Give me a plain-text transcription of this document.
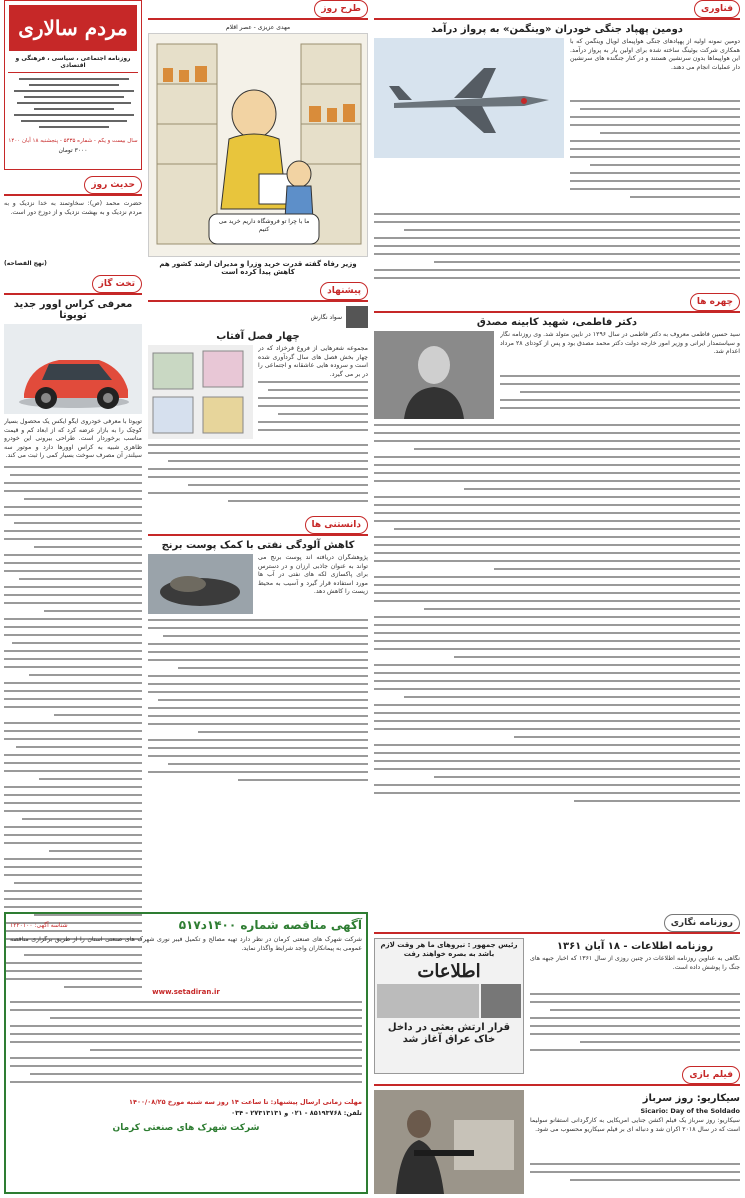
مردم سالاری
روزنامه اجتماعی ، سیاسی ، فرهنگی و اقتصادی
سال بیست و یکم - شماره ۵۴۳۵ - پنجشنبه ۱۸ آبان ۱۴۰۰
۳۰۰۰ تومان
حدیث روز
حضرت محمد (ص): سخاوتمند به خدا نزدیک و به مردم نزدیک و به بهشت نزدیک و از دوزخ دور است.
(نهج الفصاحه)
تخت گاز
معرفی کراس اوور جدید تویوتا
تویوتا با معرفی خودروی ایگو ایکس یک محصول بسیار کوچک را به بازار عرضه کرد که از ابعاد کم و قیمت مناسب برخوردار است. طراحی بیرونی این خودرو ظاهری شبیه به کراس اوورها دارد و موتور سه سیلندر آن مصرف سوخت بسیار کمی را ثبت می کند.
طرح روز
مهدی عزیزی - عصر اقلام
ما با چرا تو فروشگاه داریم خرید می کنیم
وزیر رفاه گفته قدرت خرید وزرا و مدیران ارشد کشور هم کاهش پیدا کرده است
پیشنهاد
سواد نگارش
چهار فصل آفتاب
مجموعه شعرهایی از فروغ فرخزاد که در چهار بخش فصل های سال گردآوری شده است و سروده هایی عاشقانه و اجتماعی را در بر می گیرد.
دانستنی ها
کاهش آلودگی نفتی با کمک پوست برنج
پژوهشگران دریافته اند پوست برنج می تواند به عنوان جاذبی ارزان و در دسترس برای پاکسازی لکه های نفتی در آب ها مورد استفاده قرار گیرد و آسیب به محیط زیست را کاهش دهد.
فناوری
دومین پهپاد جنگی خودران «وینگمن» به پرواز درآمد
دومین نمونه اولیه از پهپادهای جنگی هواپیمای لویال وینگمن که با همکاری شرکت بوئینگ ساخته شده برای اولین بار به پرواز درآمد. این هواپیماها بدون سرنشین هستند و در کنار جنگنده های سرنشین دار عملیات انجام می دهند.
چهره ها
دکتر فاطمی، شهید کابینه مصدق
سید حسین فاطمی معروف به دکتر فاطمی در سال ۱۲۹۶ در نایین متولد شد. وی روزنامه نگار و سیاستمدار ایرانی و وزیر امور خارجه دولت دکتر محمد مصدق بود و پس از کودتای ۲۸ مرداد اعدام شد.
آگهی مناقصه شماره ۱۴۰۰د۵۱۷
شناسه آگهی: ۱۲۲۰۱۰۰
شرکت شهرک های صنعتی کرمان در نظر دارد تهیه مصالح و تکمیل فیبر نوری شهرک های صنعتی استان را از طریق برگزاری مناقصه عمومی به پیمانکاران واجد شرایط واگذار نماید.
www.setadiran.ir
مهلت زمانی ارسال پیشنهاد: تا ساعت ۱۴ روز سه شنبه مورخ ۱۴۰۰/۰۸/۲۵
تلفن: ۸۵۱۹۳۷۶۸ - ۰۲۱ و ۲۷۳۱۳۱۳۱ - ۰۳۴
شرکت شهرک های صنعتی کرمان
روزنامه نگاری
روزنامه اطلاعات - ۱۸ آبان ۱۳۶۱
نگاهی به عناوین روزنامه اطلاعات در چنین روزی از سال ۱۳۶۱ که اخبار جبهه های جنگ را پوشش داده است.
رئیس جمهور : نیروهای ما هر وقت لازم باشد به بصره خواهند رفت
اطلاعات
قرار ارتش بعثی در داخل خاک عراق آغاز شد
فیلم بازی
سیکاریو: روز سرباز
Sicario: Day of the Soldado
سیکاریو: روز سرباز یک فیلم اکشن جنایی آمریکایی به کارگردانی استفانو سولیما است که در سال ۲۰۱۸ اکران شد و دنباله ای بر فیلم سیکاریو محسوب می شود.
